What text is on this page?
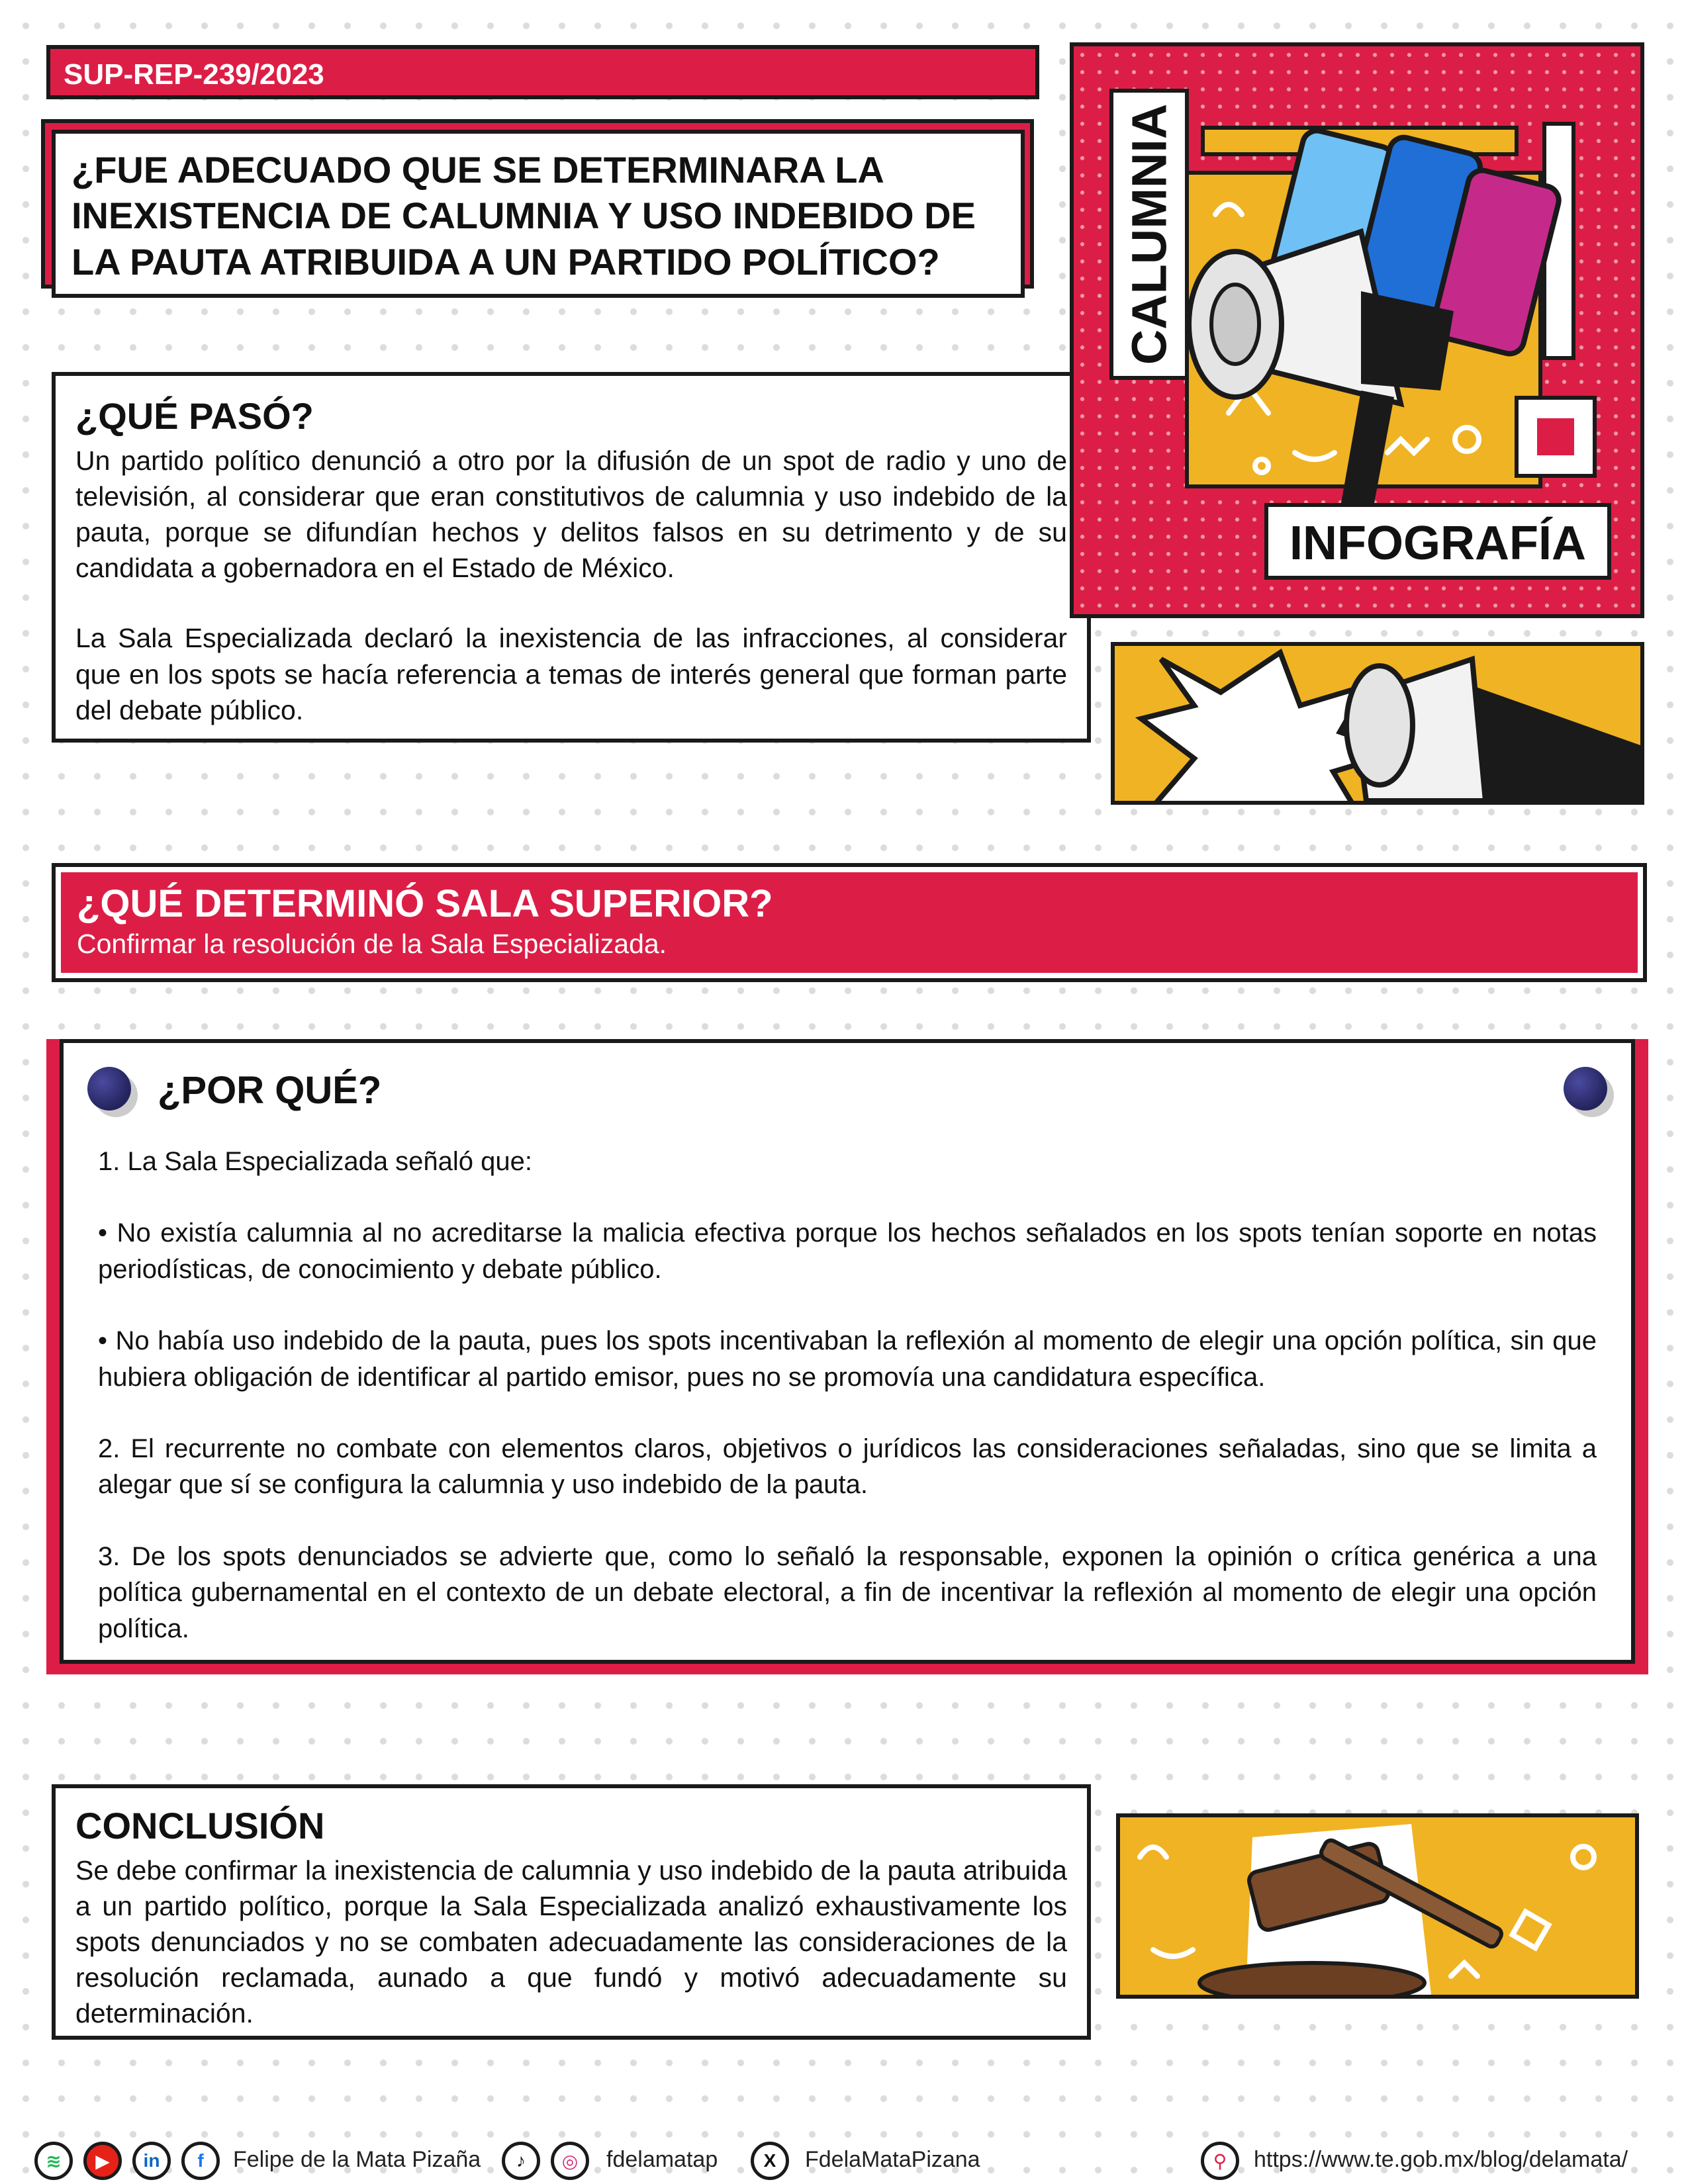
SUP-REP-239/2023
¿FUE ADECUADO QUE SE DETERMINARA LA INEXISTENCIA DE CALUMNIA Y USO INDEBIDO DE LA PAUTA ATRIBUIDA A UN PARTIDO POLÍTICO?
¿QUÉ PASÓ?
Un partido político denunció a otro por la difusión de un spot de radio y uno de televisión, al considerar que eran constitutivos de calumnia y uso indebido de la pauta, porque se difundían hechos y delitos falsos en su detrimento y de su candidata a gobernadora en el Estado de México.
La Sala Especializada declaró la inexistencia de las infracciones, al considerar que en los spots se hacía referencia a temas de interés general que forman parte del debate público.
CALUMNIA
INFOGRAFÍA
¿QUÉ DETERMINÓ SALA SUPERIOR?
Confirmar la resolución de la Sala Especializada.
¿POR QUÉ?
1. La Sala Especializada señaló que:
• No existía calumnia al no acreditarse la malicia efectiva porque los hechos señalados en los spots tenían soporte en notas periodísticas, de conocimiento y debate público.
• No había uso indebido de la pauta, pues los spots incentivaban la reflexión al momento de elegir una opción política, sin que hubiera obligación de identificar al partido emisor, pues no se promovía una candidatura específica.
2. El recurrente no combate con elementos claros, objetivos o jurídicos las consideraciones señaladas, sino que se limita a alegar que sí se configura la calumnia y uso indebido de la pauta.
3. De los spots denunciados se advierte que, como lo señaló la responsable, exponen la opinión o crítica genérica a una política gubernamental en el contexto de un debate electoral, a fin de incentivar la reflexión al momento de elegir una opción política.
CONCLUSIÓN
Se debe confirmar la inexistencia de calumnia y uso indebido de la pauta atribuida a un partido político, porque la Sala Especializada analizó exhaustivamente los spots denunciados y no se combaten adecuadamente las consideraciones de la resolución reclamada, aunado a que fundó y motivó adecuadamente su determinación.
≋	▶	in	f	Felipe de la Mata Pizaña	♪	◎	fdelamatap	X	FdelaMataPizana	⚲	https://www.te.gob.mx/blog/delamata/
